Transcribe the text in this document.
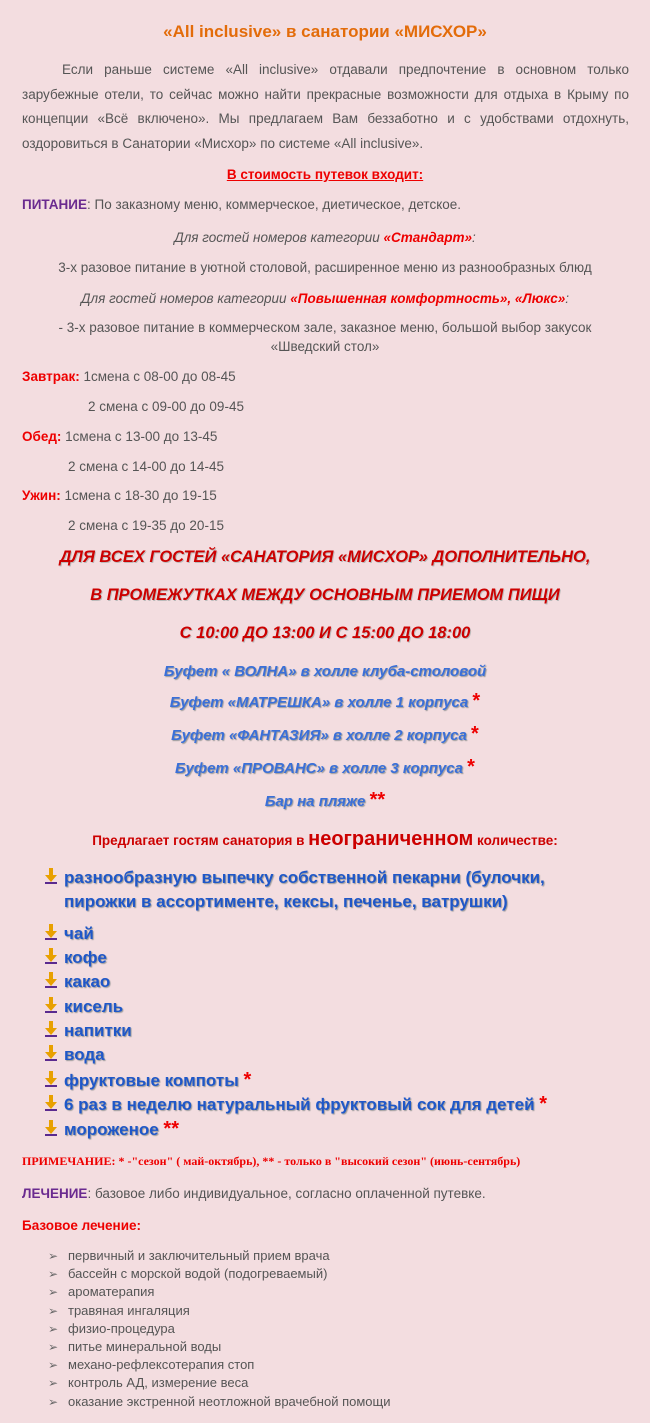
«All inclusive» в санатории «МИСХОР»
Если раньше системе «All inclusive» отдавали предпочтение в основном только зарубежные отели, то сейчас можно найти прекрасные возможности для отдыха в Крыму по концепции «Всё включено». Мы предлагаем Вам беззаботно и с удобствами отдохнуть, оздоровиться в Санатории «Мисхор» по системе «All inclusive».
В стоимость путевок входит:
ПИТАНИЕ: По заказному меню, коммерческое, диетическое, детское.
Для гостей номеров категории «Стандарт»:
3-х разовое питание в уютной столовой, расширенное меню из разнообразных блюд
Для гостей номеров категории «Повышенная комфортность», «Люкс»:
- 3-х разовое питание в коммерческом зале, заказное меню, большой выбор закусок
«Шведский стол»
Завтрак: 1смена с 08-00 до 08-45
2 смена с 09-00 до 09-45
Обед: 1смена с 13-00 до 13-45
2 смена с 14-00 до 14-45
Ужин: 1смена с 18-30 до 19-15
2 смена с 19-35 до 20-15
ДЛЯ ВСЕХ ГОСТЕЙ «САНАТОРИЯ «МИСХОР» ДОПОЛНИТЕЛЬНО,
В ПРОМЕЖУТКАХ МЕЖДУ ОСНОВНЫМ ПРИЕМОМ ПИЩИ
С 10:00 ДО 13:00 И С 15:00 ДО 18:00
Буфет « ВОЛНА» в холле клуба-столовой
Буфет «МАТРЕШКА» в холле 1 корпуса *
Буфет «ФАНТАЗИЯ» в холле 2 корпуса *
Буфет «ПРОВАНС» в холле 3 корпуса *
Бар на пляже **
Предлагает гостям санатория в неограниченном количестве:
разнообразную выпечку собственной пекарни (булочки,
пирожки в ассортименте, кексы, печенье, ватрушки)
чай
кофе
какао
кисель
напитки
вода
фруктовые компоты *
6 раз в неделю натуральный фруктовый сок для детей *
мороженое **
ПРИМЕЧАНИЕ: * -"сезон" ( май-октябрь), ** - только в "высокий сезон" (июнь-сентябрь)
ЛЕЧЕНИЕ: базовое либо индивидуальное, согласно оплаченной путевке.
Базовое лечение:
➢ первичный и заключительный прием врача
➢ бассейн с морской водой (подогреваемый)
➢ ароматерапия
➢ травяная ингаляция
➢ физио-процедура
➢ питье минеральной воды
➢ механо-рефлексотерапия стоп
➢ контроль АД, измерение веса
➢ оказание экстренной неотложной врачебной помощи
